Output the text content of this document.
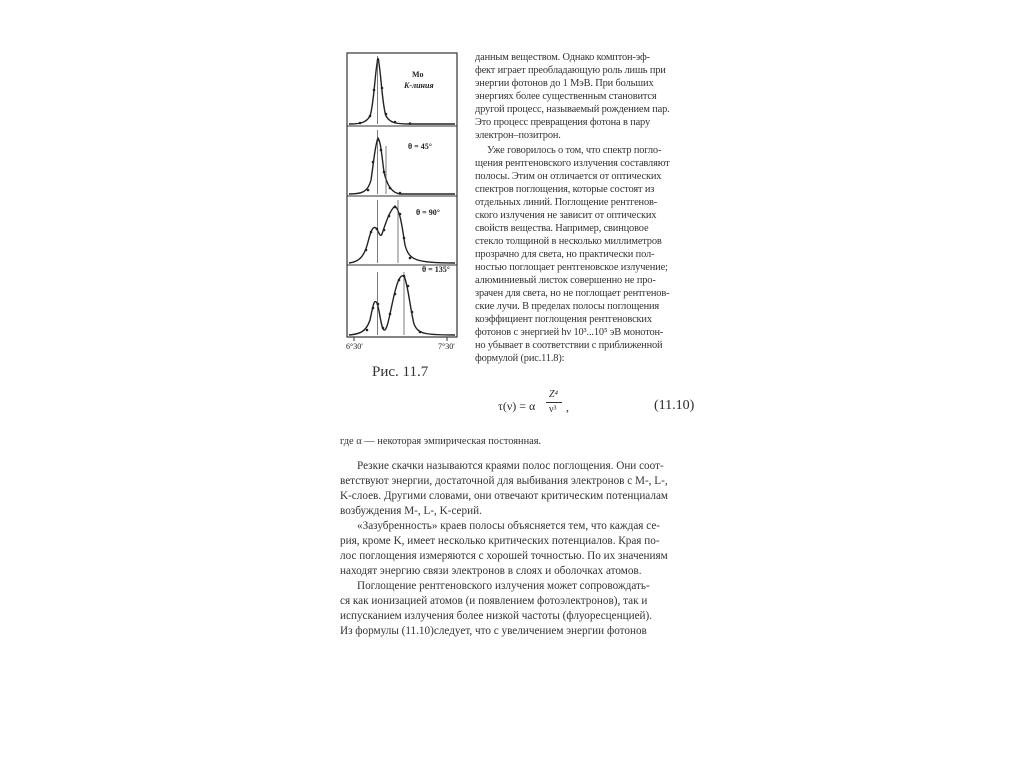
Mo
K-линия
θ = 45°
θ = 90°
θ = 135°
6°30'	7°30'
Рис. 11.7
данным веществом. Однако комптон-эф-
фект играет преобладающую роль лишь при
энергии фотонов до 1 МэВ. При больших
энергиях более существенным становится
другой процесс, называемый рождением пар.
Это процесс превращения фотона в пару
электрон–позитрон.
Уже говорилось о том, что спектр погло-
щения рентгеновского излучения составляют
полосы. Этим он отличается от оптических
спектров поглощения, которые состоят из
отдельных линий. Поглощение рентгенов-
ского излучения не зависит от оптических
свойств вещества. Например, свинцовое
стекло толщиной в несколько миллиметров
прозрачно для света, но практически пол-
ностью поглощает рентгеновское излучение;
алюминиевый листок совершенно не про-
зрачен для света, но не поглощает рентгенов-
ские лучи. В пределах полосы поглощения
коэффициент поглощения рентгеновских
фотонов с энергией hν 10³...10⁵ эВ монотон-
но убывает в соответствии с приближенной
формулой (рис.11.8):
τ(ν) = α
Z⁴
ν³ ,	(11.10)
где α — некоторая эмпирическая постоянная.
Резкие скачки называются краями полос поглощения. Они соот-
ветствуют энергии, достаточной для выбивания электронов с M-, L-,
K-слоев. Другими словами, они отвечают критическим потенциалам
возбуждения M-, L-, K-серий.
«Зазубренность» краев полосы объясняется тем, что каждая се-
рия, кроме K, имеет несколько критических потенциалов. Края по-
лос поглощения измеряются с хорошей точностью. По их значениям
находят энергию связи электронов в слоях и оболочках атомов.
Поглощение рентгеновского излучения может сопровождать-
ся как ионизацией атомов (и появлением фотоэлектронов), так и
испусканием излучения более низкой частоты (флуоресценцией).
Из формулы (11.10)следует, что с увеличением энергии фотонов
